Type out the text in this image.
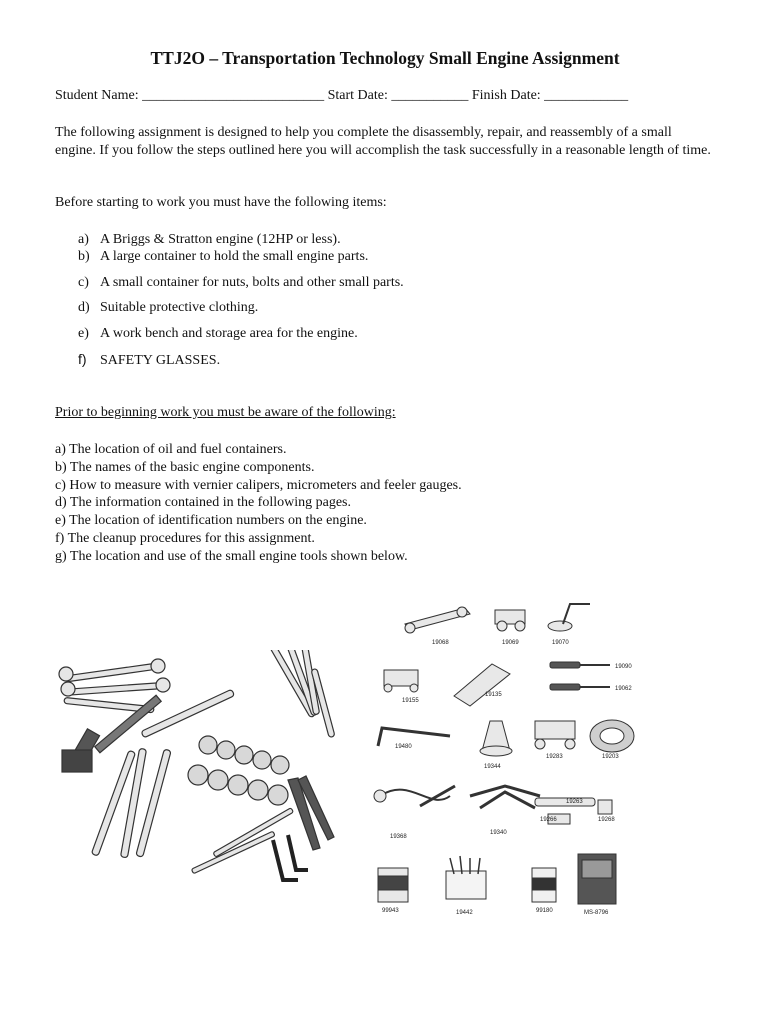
TTJ2O – Transportation Technology Small Engine Assignment
Student Name: __________________________ Start Date: ___________ Finish Date: ____________
The following assignment is designed to help you complete the disassembly, repair, and reassembly of a small engine. If you follow the steps outlined here you will accomplish the task successfully in a reasonable length of time.
Before starting to work you must have the following items:
a) A Briggs & Stratton engine (12HP or less).
b) A large container to hold the small engine parts.
c) A small container for nuts, bolts and other small parts.
d) Suitable protective clothing.
e) A work bench and storage area for the engine.
f) SAFETY GLASSES.
Prior to beginning work you must be aware of the following:
a) The location of oil and fuel containers.
b) The names of the basic engine components.
c) How to measure with vernier calipers, micrometers and feeler gauges.
d) The information contained in the following pages.
e) The location of identification numbers on the engine.
f) The cleanup procedures for this assignment.
g) The location and use of the small engine tools shown below.
19068	19069	19070
19155
19135
19090
19062
19480
19344
19283	19203
19368
19340
19263
19266	19268
99943	19442	99180	MS-8796
